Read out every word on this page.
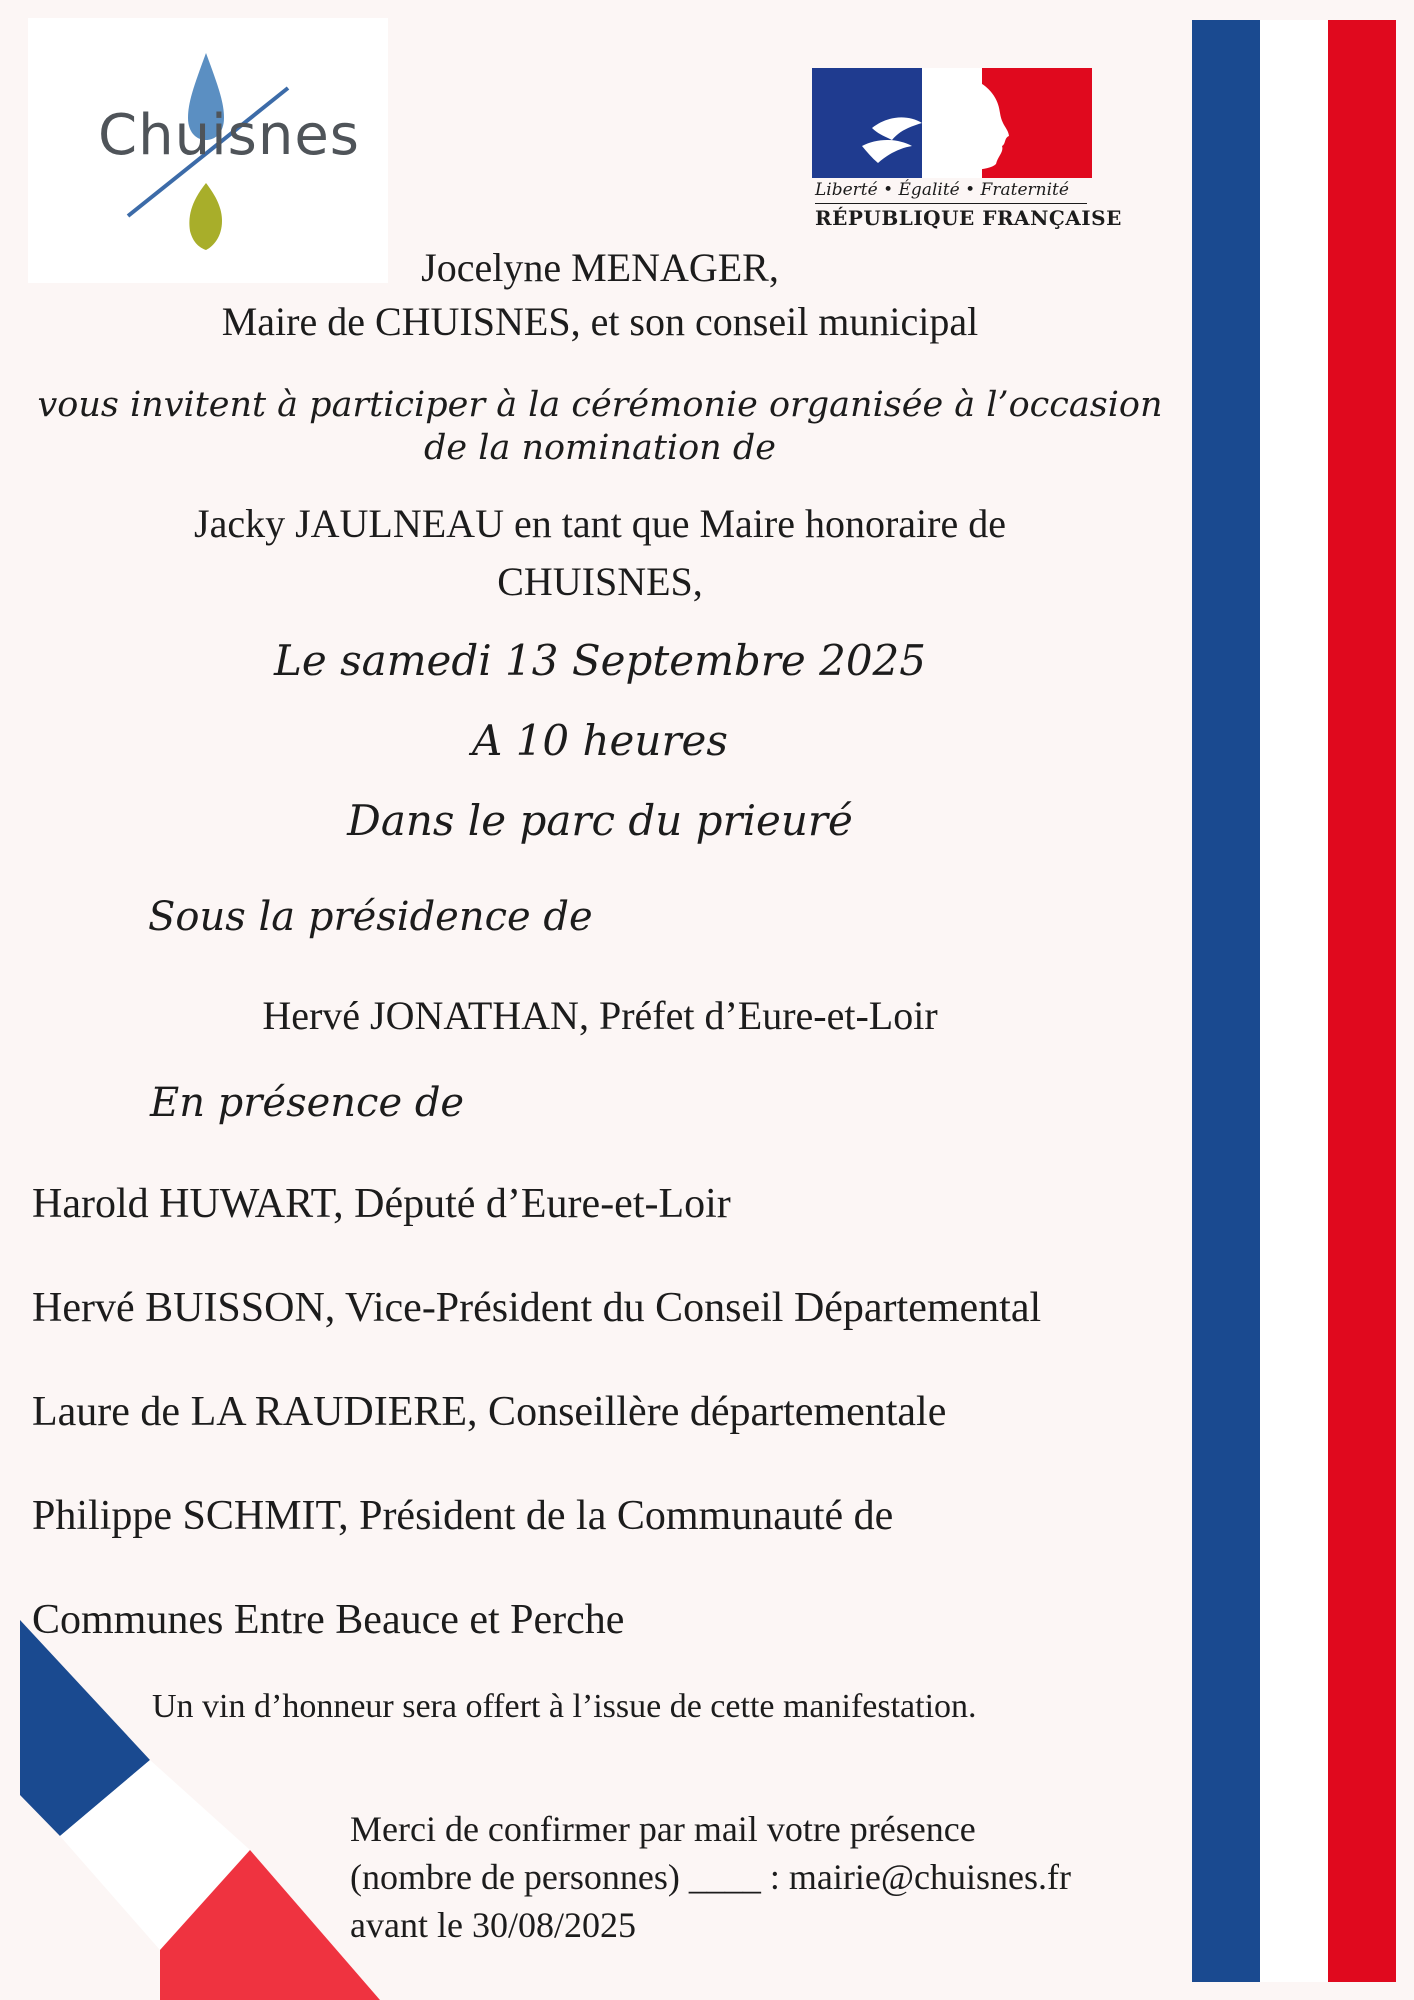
Chuisnes
Liberté • Égalité • Fraternité
RÉPUBLIQUE FRANÇAISE
Jocelyne MENAGER,
Maire de CHUISNES, et son conseil municipal
vous invitent à participer à la cérémonie organisée à l’occasion
de la nomination de
Jacky JAULNEAU en tant que Maire honoraire de
CHUISNES,
Le samedi 13 Septembre 2025
A 10 heures
Dans le parc du prieuré
Sous la présidence de
Hervé JONATHAN, Préfet d’Eure-et-Loir
En présence de
Harold HUWART, Député d’Eure-et-Loir
Hervé BUISSON, Vice-Président du Conseil Départemental
Laure de LA RAUDIERE, Conseillère départementale
Philippe SCHMIT, Président de la Communauté de
Communes Entre Beauce et Perche
Un vin d’honneur sera offert à l’issue de cette manifestation.
Merci de confirmer par mail votre présence
(nombre de personnes) ____ : mairie@chuisnes.fr
avant le 30/08/2025
